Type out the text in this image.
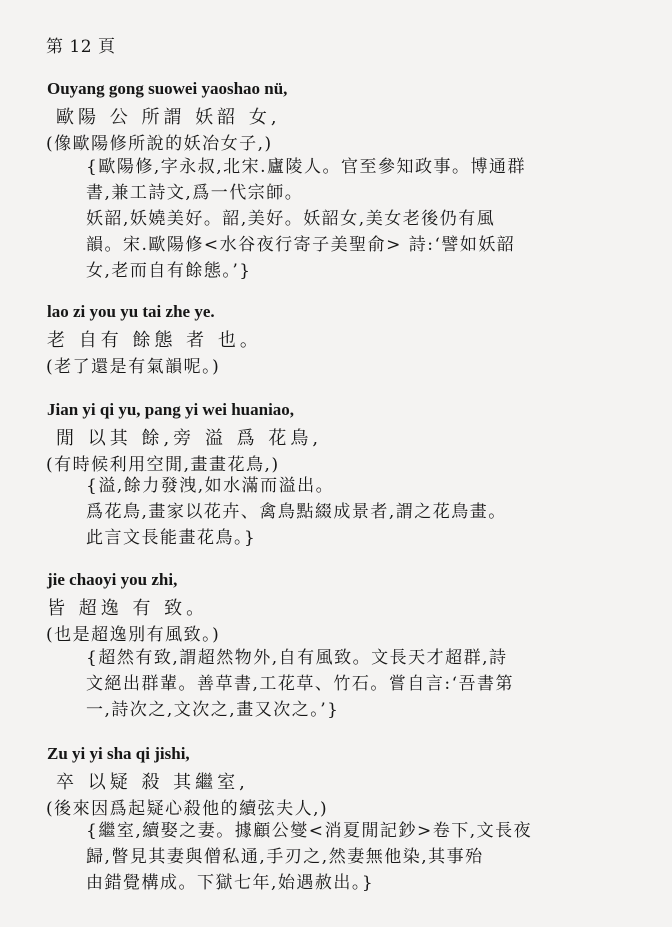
第 12 頁
Ouyang gong suowei yaoshao nü,
歐陽 公 所謂 妖韶 女,
(像歐陽修所說的妖冶女子,)

{歐陽修,字永叔,北宋.廬陵人。官至參知政事。博通群

書,兼工詩文,爲一代宗師。

妖韶,妖嬈美好。韶,美好。妖韶女,美女老後仍有風

韻。宋.歐陽修<水谷夜行寄子美聖俞> 詩:‘譬如妖韶

女,老而自有餘態。’}

lao zi you yu tai zhe ye.
老 自有 餘態 者 也。
(老了還是有氣韻呢。)
Jian yi qi yu, pang yi wei huaniao,
閒 以其 餘,旁 溢 爲 花鳥,
(有時候利用空閒,畫畫花鳥,)

{溢,餘力發洩,如水滿而溢出。

爲花鳥,畫家以花卉、禽鳥點綴成景者,謂之花鳥畫。

此言文長能畫花鳥。}

jie chaoyi you zhi,
皆 超逸 有 致。
(也是超逸別有風致。)

{超然有致,謂超然物外,自有風致。文長天才超群,詩

文絕出群輩。善草書,工花草、竹石。嘗自言:‘吾書第

一,詩次之,文次之,畫又次之。’}

Zu yi yi sha qi jishi,
卒 以疑 殺 其繼室,
(後來因爲起疑心殺他的續弦夫人,)

{繼室,續娶之妻。據顧公燮<消夏閒記鈔>卷下,文長夜

歸,瞥見其妻與僧私通,手刃之,然妻無他染,其事殆

由錯覺構成。下獄七年,始遇赦出。}
